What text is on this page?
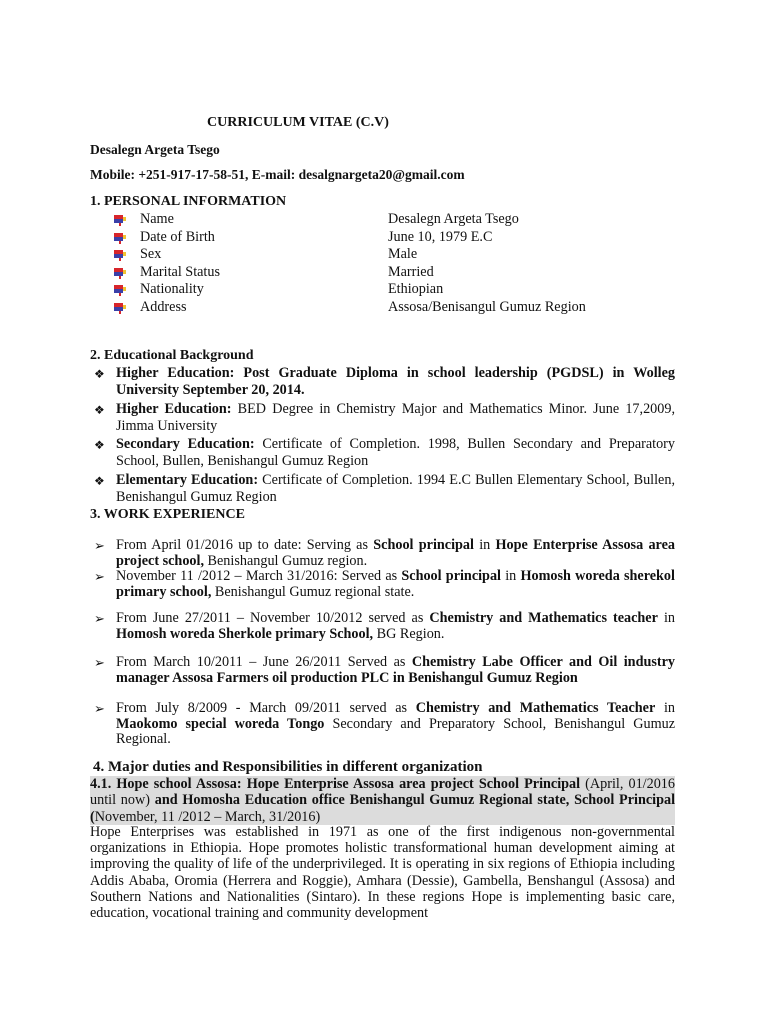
CURRICULUM VITAE (C.V)
Desalegn Argeta Tsego
Mobile: +251-917-17-58-51, E-mail: desalgnargeta20@gmail.com
1. PERSONAL INFORMATION
Name	Desalegn Argeta Tsego
Date of Birth	June 10, 1979 E.C
Sex	Male
Marital Status	Married
Nationality	Ethiopian
Address	Assosa/Benisangul Gumuz Region
2. Educational Background
❖ Higher Education: Post Graduate Diploma in school leadership (PGDSL) in Wolleg University September 20, 2014.
❖ Higher Education: BED Degree in Chemistry Major and Mathematics Minor. June 17,2009, Jimma University
❖ Secondary Education: Certificate of Completion. 1998, Bullen Secondary and Preparatory School, Bullen, Benishangul Gumuz Region
❖ Elementary Education: Certificate of Completion. 1994 E.C Bullen Elementary School, Bullen, Benishangul Gumuz Region
3. WORK EXPERIENCE
➢ From April 01/2016 up to date: Serving as School principal in Hope Enterprise Assosa area project school, Benishangul Gumuz region.
➢ November 11 /2012 – March 31/2016: Served as School principal in Homosh woreda sherekol primary school, Benishangul Gumuz regional state.
➢ From June 27/2011 – November 10/2012 served as Chemistry and Mathematics teacher in Homosh woreda Sherkole primary School, BG Region.
➢ From March 10/2011 – June 26/2011 Served as Chemistry Labe Officer and Oil industry manager Assosa Farmers oil production PLC in Benishangul Gumuz Region
➢ From July 8/2009 - March 09/2011 served as Chemistry and Mathematics Teacher in Maokomo special woreda Tongo Secondary and Preparatory School, Benishangul Gumuz Regional.
4. Major duties and Responsibilities in different organization
4.1. Hope school Assosa: Hope Enterprise Assosa area project School Principal (April, 01/2016 until now) and Homosha Education office Benishangul Gumuz Regional state, School Principal (November, 11 /2012 – March, 31/2016)
Hope Enterprises was established in 1971 as one of the first indigenous non-governmental organizations in Ethiopia. Hope promotes holistic transformational human development aiming at improving the quality of life of the underprivileged. It is operating in six regions of Ethiopia including Addis Ababa, Oromia (Herrera and Roggie), Amhara (Dessie), Gambella, Benshangul (Assosa) and Southern Nations and Nationalities (Sintaro). In these regions Hope is implementing basic care, education, vocational training and community development
